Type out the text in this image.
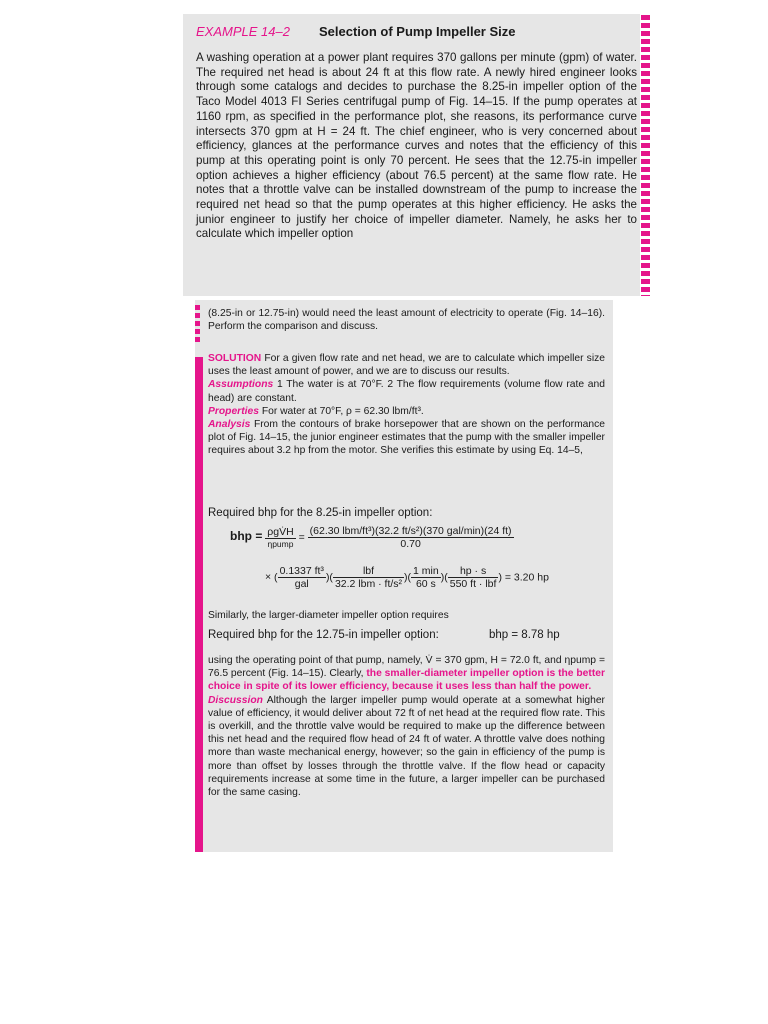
EXAMPLE 14–2 Selection of Pump Impeller Size
A washing operation at a power plant requires 370 gallons per minute (gpm) of water. The required net head is about 24 ft at this flow rate. A newly hired engineer looks through some catalogs and decides to purchase the 8.25-in impeller option of the Taco Model 4013 FI Series centrifugal pump of Fig. 14–15. If the pump operates at 1160 rpm, as specified in the performance plot, she reasons, its performance curve intersects 370 gpm at H = 24 ft. The chief engineer, who is very concerned about efficiency, glances at the performance curves and notes that the efficiency of this pump at this operating point is only 70 percent. He sees that the 12.75-in impeller option achieves a higher efficiency (about 76.5 percent) at the same flow rate. He notes that a throttle valve can be installed downstream of the pump to increase the required net head so that the pump operates at this higher efficiency. He asks the junior engineer to justify her choice of impeller diameter. Namely, he asks her to calculate which impeller option
(8.25-in or 12.75-in) would need the least amount of electricity to operate (Fig. 14–16). Perform the comparison and discuss.
SOLUTION For a given flow rate and net head, we are to calculate which impeller size uses the least amount of power, and we are to discuss our results.
Assumptions 1 The water is at 70°F. 2 The flow requirements (volume flow rate and head) are constant.
Properties For water at 70°F, ρ = 62.30 lbm/ft³.
Analysis From the contours of brake horsepower that are shown on the performance plot of Fig. 14–15, the junior engineer estimates that the pump with the smaller impeller requires about 3.2 hp from the motor. She verifies this estimate by using Eq. 14–5,
Required bhp for the 8.25-in impeller option:
bhp = $\frac{\text{ρgV̇H}}{\text{ηpump}} = \frac{\text{(62.30 lbm/ft³)(32.2 ft/s²)(370 gal/min)(24 ft)}}{0.70}$
× ( $\frac{\text{0.1337 ft³}}{\text{gal}}$ )( $\frac{\text{lbf}}{\text{32.2 lbm · ft/s²}}$ )( $\frac{1 \min}{60 s}$ )( $\frac{hp \cdot s}{\text{550 ft · lbf}}$ ) = 3.20 hp
Similarly, the larger-diameter impeller option requires
Required bhp for the 12.75-in impeller option:	bhp = 8.78 hp
using the operating point of that pump, namely, V̇ = 370 gpm, H = 72.0 ft, and ηpump = 76.5 percent (Fig. 14–15). Clearly, the smaller-diameter impeller option is the better choice in spite of its lower efficiency, because it uses less than half the power.
Discussion Although the larger impeller pump would operate at a somewhat higher value of efficiency, it would deliver about 72 ft of net head at the required flow rate. This is overkill, and the throttle valve would be required to make up the difference between this net head and the required flow head of 24 ft of water. A throttle valve does nothing more than waste mechanical energy, however; so the gain in efficiency of the pump is more than offset by losses through the throttle valve. If the flow head or capacity requirements increase at some time in the future, a larger impeller can be purchased for the same casing.
